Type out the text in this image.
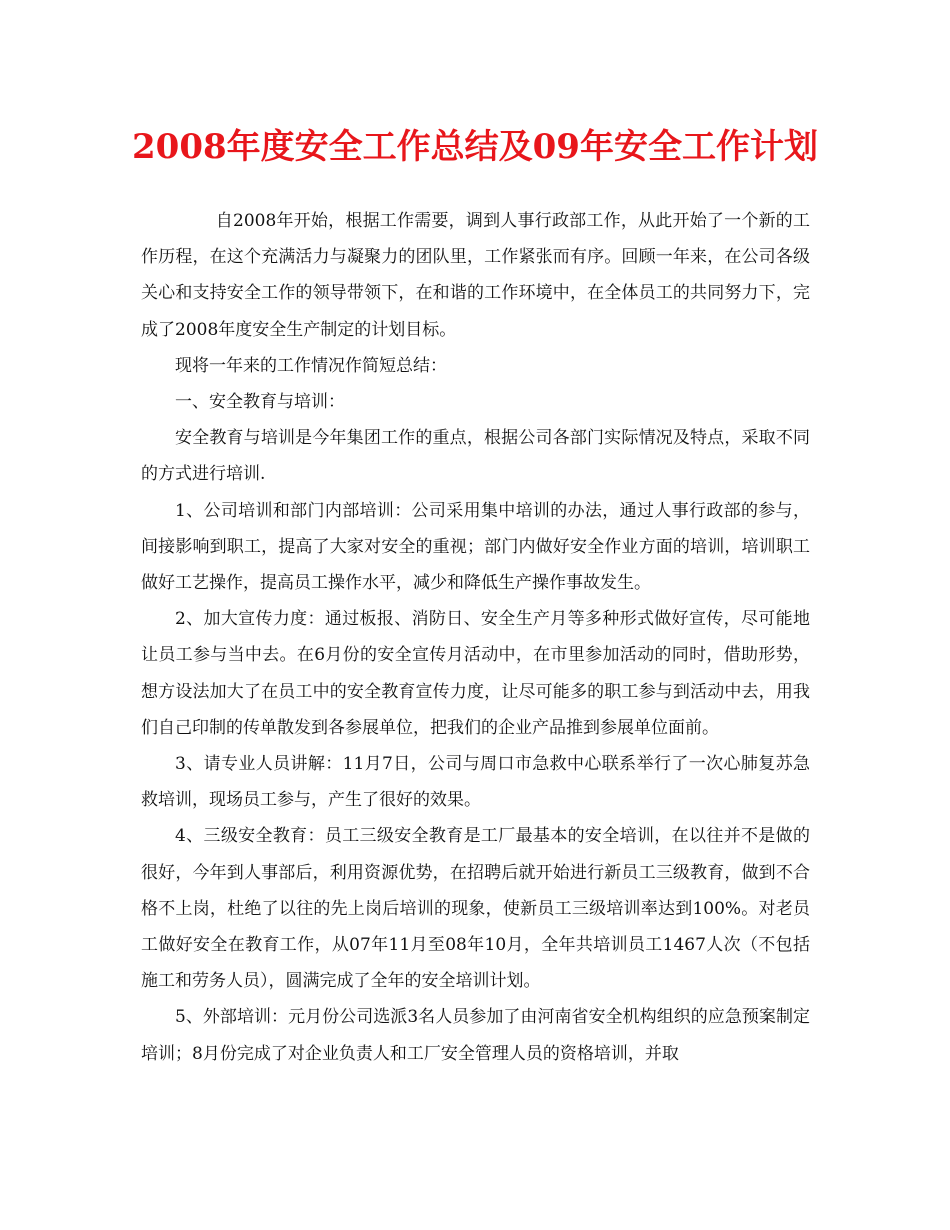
2008年度安全工作总结及09年安全工作计划

自2008年开始，根据工作需要，调到人事行政部工作，从此开始了一个新的工作历程，在这个充满活力与凝聚力的团队里，工作紧张而有序。回顾一年来，在公司各级关心和支持安全工作的领导带领下，在和谐的工作环境中，在全体员工的共同努力下，完成了2008年度安全生产制定的计划目标。

现将一年来的工作情况作简短总结：

一、安全教育与培训：

安全教育与培训是今年集团工作的重点，根据公司各部门实际情况及特点，采取不同的方式进行培训.

1、公司培训和部门内部培训：公司采用集中培训的办法，通过人事行政部的参与，间接影响到职工，提高了大家对安全的重视；部门内做好安全作业方面的培训，培训职工做好工艺操作，提高员工操作水平，减少和降低生产操作事故发生。

2、加大宣传力度：通过板报、消防日、安全生产月等多种形式做好宣传，尽可能地让员工参与当中去。在6月份的安全宣传月活动中，在市里参加活动的同时，借助形势，想方设法加大了在员工中的安全教育宣传力度，让尽可能多的职工参与到活动中去，用我们自己印制的传单散发到各参展单位，把我们的企业产品推到参展单位面前。

3、请专业人员讲解：11月7日，公司与周口市急救中心联系举行了一次心肺复苏急救培训，现场员工参与，产生了很好的效果。

4、三级安全教育：员工三级安全教育是工厂最基本的安全培训，在以往并不是做的很好，今年到人事部后，利用资源优势，在招聘后就开始进行新员工三级教育，做到不合格不上岗，杜绝了以往的先上岗后培训的现象，使新员工三级培训率达到100%。对老员工做好安全在教育工作，从07年11月至08年10月，全年共培训员工1467人次（不包括施工和劳务人员），圆满完成了全年的安全培训计划。

5、外部培训：元月份公司选派3名人员参加了由河南省安全机构组织的应急预案制定培训；8月份完成了对企业负责人和工厂安全管理人员的资格培训，并取
